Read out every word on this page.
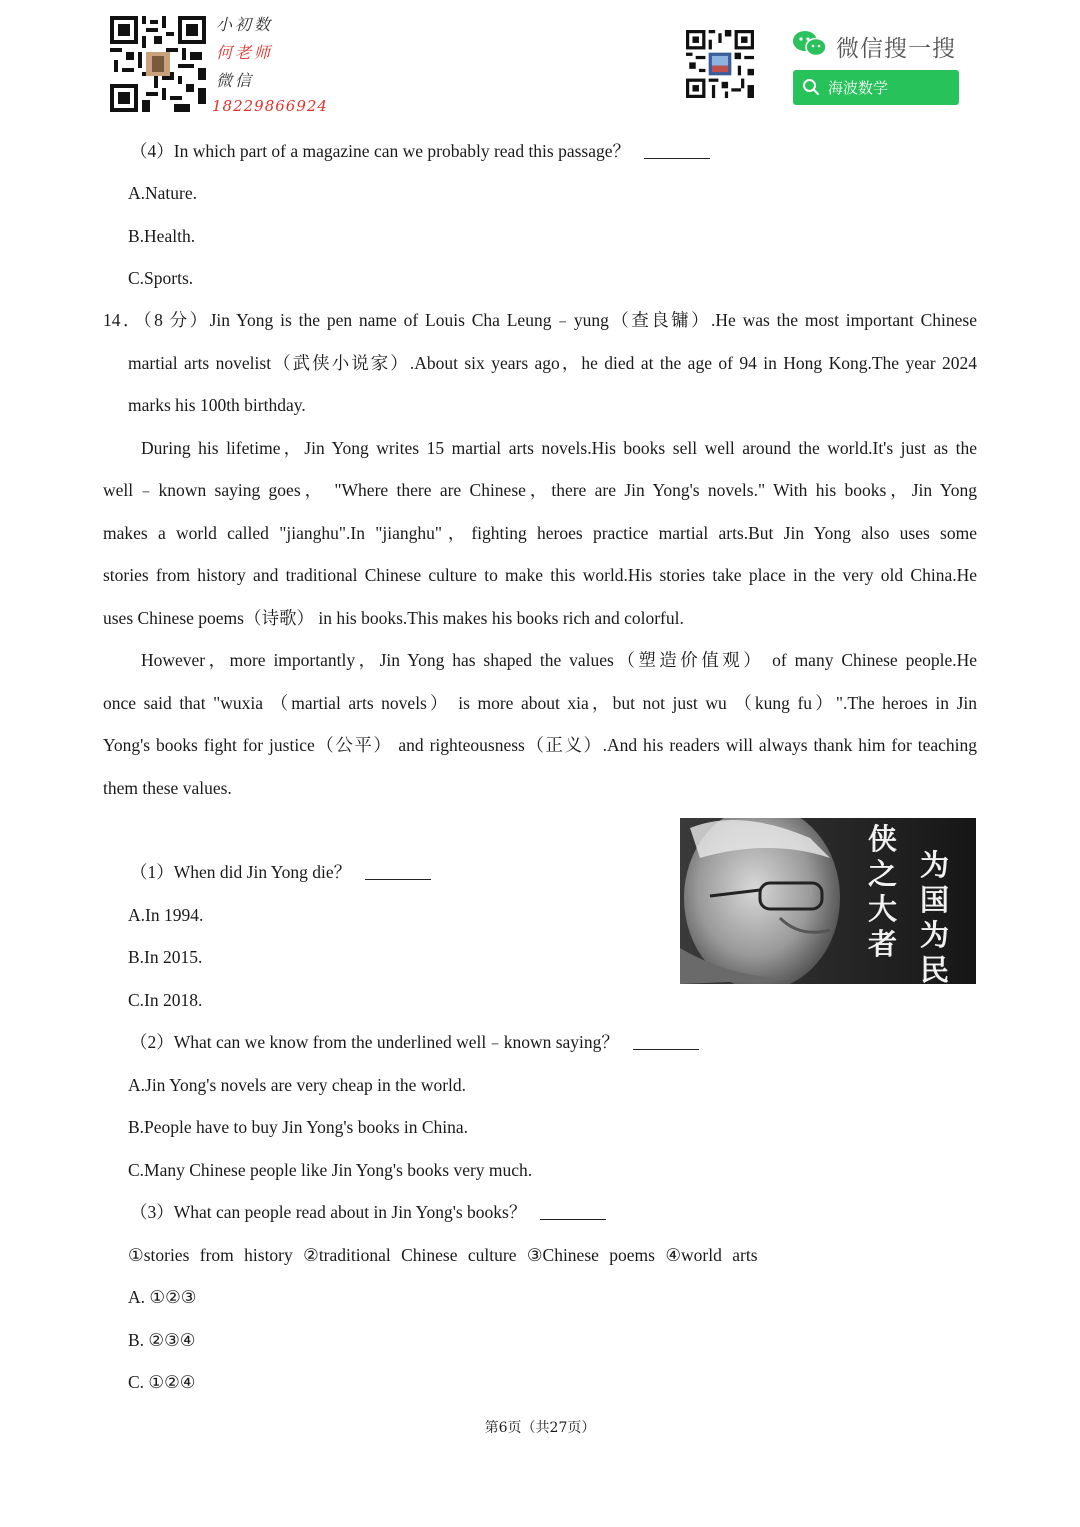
小初数
何老师
微信
18229866924
微信搜一搜
海波数学
（4）In which part of a magazine can we probably read this passage？
A.Nature.
B.Health.
C.Sports.
14．（8 分）Jin Yong is the pen name of Louis Cha Leung﹣yung（查良镛）.He was the most important Chinese
martial arts novelist（武侠小说家）.About six years ago，he died at the age of 94 in Hong Kong.The year 2024
marks his 100th birthday.
During his lifetime，Jin Yong writes 15 martial arts novels.His books sell well around the world.It's just as the
well﹣known saying goes， "Where there are Chinese，there are Jin Yong's novels." With his books，Jin Yong
makes a world called "jianghu".In "jianghu"，fighting heroes practice martial arts.But Jin Yong also uses some
stories from history and traditional Chinese culture to make this world.His stories take place in the very old China.He
uses Chinese poems（诗歌） in his books.This makes his books rich and colorful.
However，more importantly，Jin Yong has shaped the values（塑造价值观） of many Chinese people.He
once said that "wuxia （martial arts novels） is more about xia，but not just wu （kung fu）".The heroes in Jin
Yong's books fight for justice（公平） and righteousness（正义）.And his readers will always thank him for teaching
them these values.
侠之大者
为国为民
（1）When did Jin Yong die？
A.In 1994.
B.In 2015.
C.In 2018.
（2）What can we know from the underlined well﹣known saying？
A.Jin Yong's novels are very cheap in the world.
B.People have to buy Jin Yong's books in China.
C.Many Chinese people like Jin Yong's books very much.
（3）What can people read about in Jin Yong's books？
①stories from history ②traditional Chinese culture ③Chinese poems ④world arts
A. ①②③
B. ②③④
C. ①②④
第6页（共27页）
